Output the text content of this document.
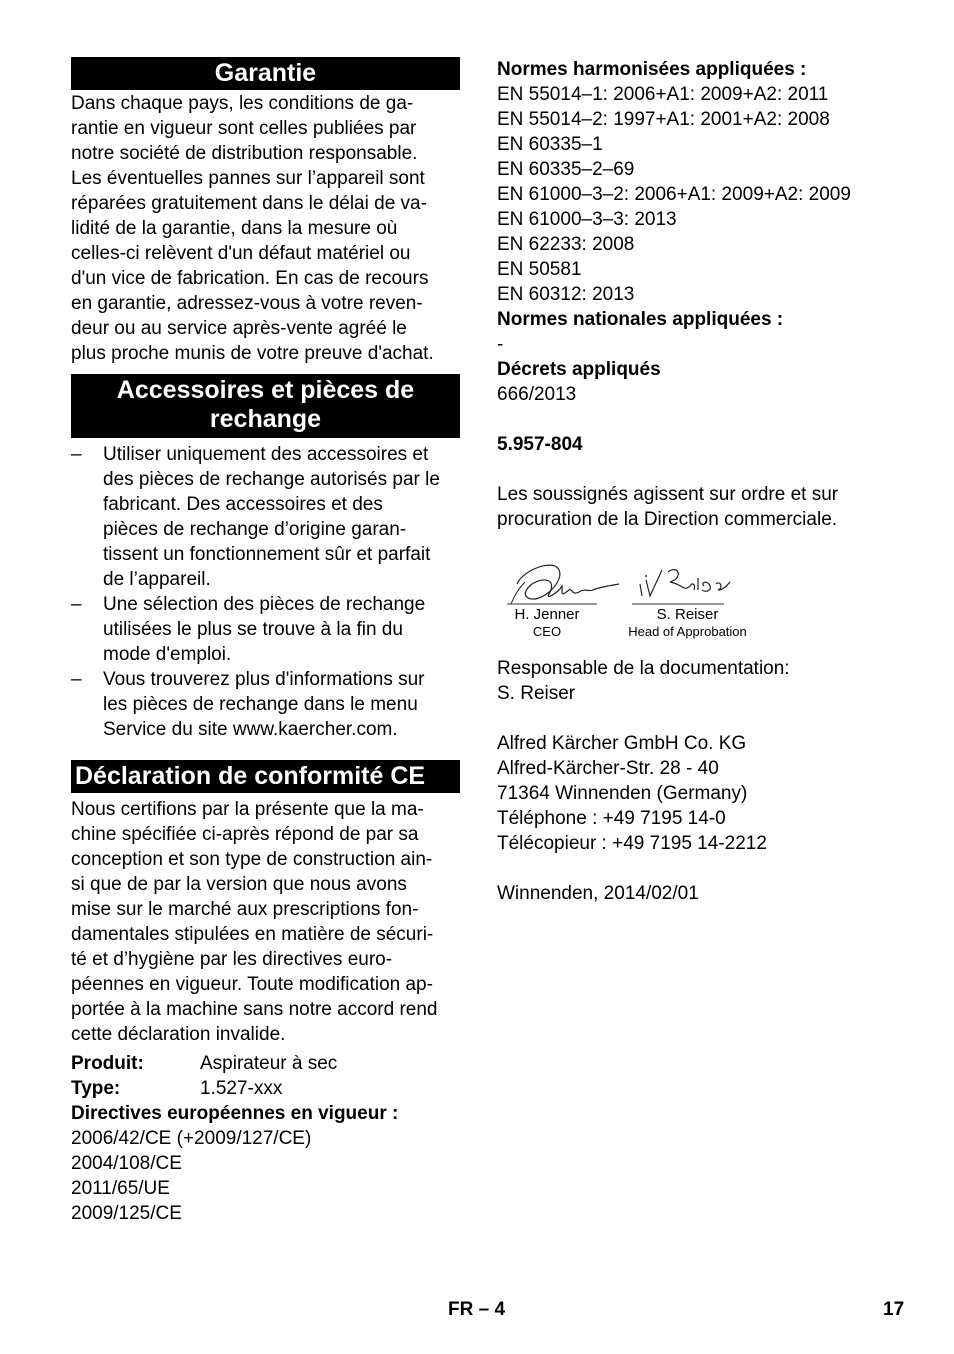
Garantie
Dans chaque pays, les conditions de ga-
rantie en vigueur sont celles publiées par
notre société de distribution responsable.
Les éventuelles pannes sur l’appareil sont
réparées gratuitement dans le délai de va-
lidité de la garantie, dans la mesure où
celles-ci relèvent d'un défaut matériel ou
d'un vice de fabrication. En cas de recours
en garantie, adressez-vous à votre reven-
deur ou au service après-vente agréé le
plus proche munis de votre preuve d'achat.
Accessoires et pièces de
rechange
– Utiliser uniquement des accessoires et
des pièces de rechange autorisés par le
fabricant. Des accessoires et des
pièces de rechange d’origine garan-
tissent un fonctionnement sûr et parfait
de l’appareil.
– Une sélection des pièces de rechange
utilisées le plus se trouve à la fin du
mode d'emploi.
– Vous trouverez plus d'informations sur
les pièces de rechange dans le menu
Service du site www.kaercher.com.
Déclaration de conformité CE
Nous certifions par la présente que la ma-
chine spécifiée ci-après répond de par sa
conception et son type de construction ain-
si que de par la version que nous avons
mise sur le marché aux prescriptions fon-
damentales stipulées en matière de sécuri-
té et d’hygiène par les directives euro-
péennes en vigueur. Toute modification ap-
portée à la machine sans notre accord rend
cette déclaration invalide.
Produit:	Aspirateur à sec
Type:	1.527-xxx
Directives européennes en vigueur :
2006/42/CE (+2009/127/CE)
2004/108/CE
2011/65/UE
2009/125/CE
Normes harmonisées appliquées :
EN 55014–1: 2006+A1: 2009+A2: 2011
EN 55014–2: 1997+A1: 2001+A2: 2008
EN 60335–1
EN 60335–2–69
EN 61000–3–2: 2006+A1: 2009+A2: 2009
EN 61000–3–3: 2013
EN 62233: 2008
EN 50581
EN 60312: 2013
Normes nationales appliquées :
-
Décrets appliqués
666/2013
5.957-804
Les soussignés agissent sur ordre et sur
procuration de la Direction commerciale.
H. Jenner
CEO
S. Reiser
Head of Approbation
Responsable de la documentation:
S. Reiser
Alfred Kärcher GmbH Co. KG
Alfred-Kärcher-Str. 28 - 40
71364 Winnenden (Germany)
Téléphone : +49 7195 14-0
Télécopieur : +49 7195 14-2212
Winnenden, 2014/02/01
FR – 4	17
